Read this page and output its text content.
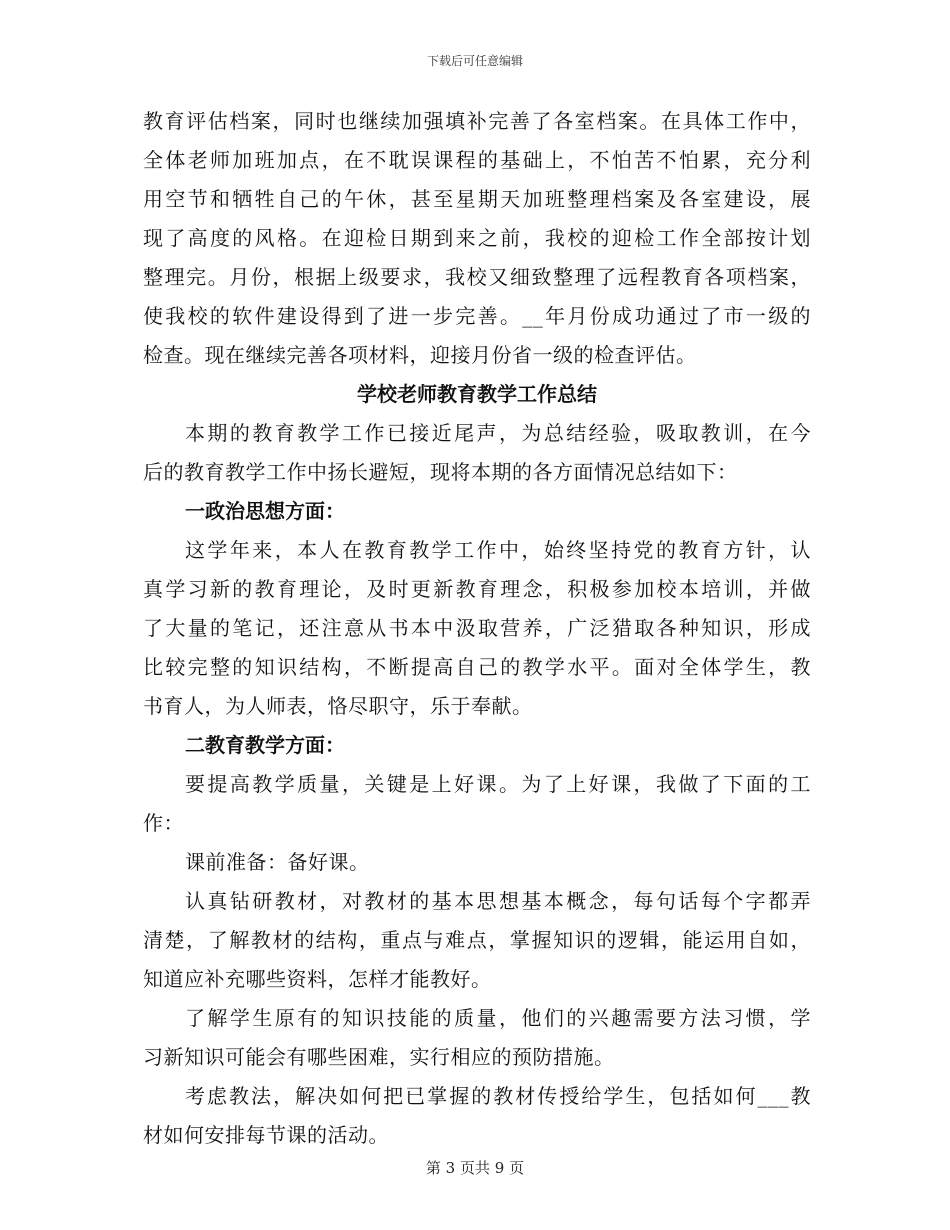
下载后可任意编辑
教育评估档案，同时也继续加强填补完善了各室档案。在具体工作中，
全体老师加班加点，在不耽误课程的基础上，不怕苦不怕累，充分利
用空节和牺牲自己的午休，甚至星期天加班整理档案及各室建设，展
现了高度的风格。在迎检日期到来之前，我校的迎检工作全部按计划
整理完。月份，根据上级要求，我校又细致整理了远程教育各项档案，
使我校的软件建设得到了进一步完善。__年月份成功通过了市一级的
检查。现在继续完善各项材料，迎接月份省一级的检查评估。
学校老师教育教学工作总结
本期的教育教学工作已接近尾声，为总结经验，吸取教训，在今
后的教育教学工作中扬长避短，现将本期的各方面情况总结如下：
一政治思想方面：
这学年来，本人在教育教学工作中，始终坚持党的教育方针，认
真学习新的教育理论，及时更新教育理念，积极参加校本培训，并做
了大量的笔记，还注意从书本中汲取营养，广泛猎取各种知识，形成
比较完整的知识结构，不断提高自己的教学水平。面对全体学生，教
书育人，为人师表，恪尽职守，乐于奉献。
二教育教学方面：
要提高教学质量，关键是上好课。为了上好课，我做了下面的工
作：
课前准备：备好课。
认真钻研教材，对教材的基本思想基本概念，每句话每个字都弄
清楚，了解教材的结构，重点与难点，掌握知识的逻辑，能运用自如，
知道应补充哪些资料，怎样才能教好。
了解学生原有的知识技能的质量，他们的兴趣需要方法习惯，学
习新知识可能会有哪些困难，实行相应的预防措施。
考虑教法，解决如何把已掌握的教材传授给学生，包括如何___教
材如何安排每节课的活动。
第 3 页共 9 页
